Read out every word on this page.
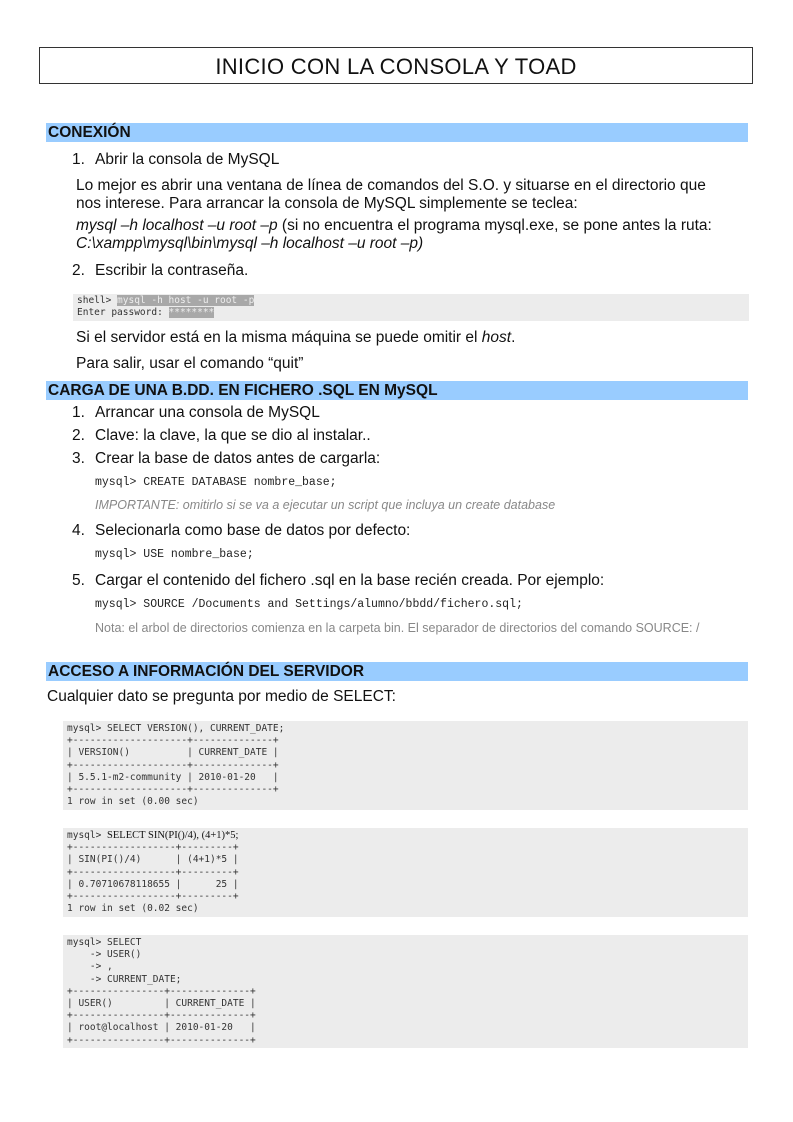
INICIO CON LA CONSOLA Y TOAD
CONEXIÓN
1. Abrir la consola de MySQL
Lo mejor es abrir una ventana de línea de comandos del S.O. y situarse en el directorio que
nos interese. Para arrancar la consola de MySQL simplemente se teclea:
mysql –h localhost –u root –p (si no encuentra el programa mysql.exe, se pone antes la ruta:
C:\xampp\mysql\bin\mysql –h localhost –u root –p)
2. Escribir la contraseña.
shell> mysql -h host -u root -p
Enter password: ********
Si el servidor está en la misma máquina se puede omitir el host.
Para salir, usar el comando “quit”
CARGA DE UNA B.DD. EN FICHERO .SQL EN MySQL
1. Arrancar una consola de MySQL
2. Clave: la clave, la que se dio al instalar..
3. Crear la base de datos antes de cargarla:
mysql> CREATE DATABASE nombre_base;
IMPORTANTE: omitirlo si se va a ejecutar un script que incluya un create database
4. Selecionarla como base de datos por defecto:
mysql> USE nombre_base;
5. Cargar el contenido del fichero .sql en la base recién creada. Por ejemplo:
mysql> SOURCE /Documents and Settings/alumno/bbdd/fichero.sql;
Nota: el arbol de directorios comienza en la carpeta bin. El separador de directorios del comando SOURCE: /
ACCESO A INFORMACIÓN DEL SERVIDOR
Cualquier dato se pregunta por medio de SELECT:
mysql> SELECT VERSION(), CURRENT_DATE;
+--------------------+--------------+
| VERSION()          | CURRENT_DATE |
+--------------------+--------------+
| 5.5.1-m2-community | 2010-01-20   |
+--------------------+--------------+
1 row in set (0.00 sec)
mysql> SELECT SIN(PI()/4), (4+1)*5;
+------------------+---------+
| SIN(PI()/4)      | (4+1)*5 |
+------------------+---------+
| 0.70710678118655 |      25 |
+------------------+---------+
1 row in set (0.02 sec)
mysql> SELECT
-> USER()
-> ,
-> CURRENT_DATE;
+----------------+--------------+
| USER()         | CURRENT_DATE |
+----------------+--------------+
| root@localhost | 2010-01-20   |
+----------------+--------------+
